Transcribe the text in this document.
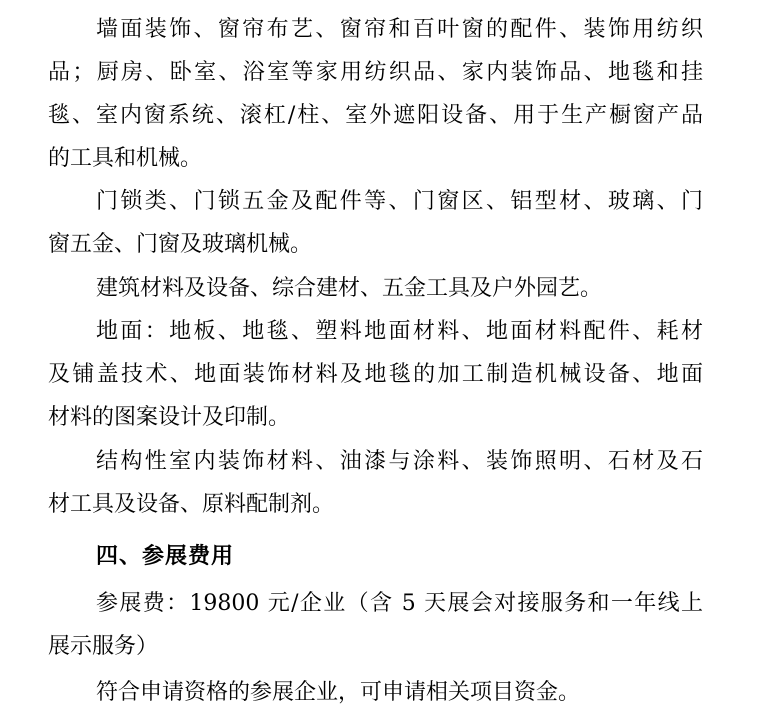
墙面装饰、窗帘布艺、窗帘和百叶窗的配件、装饰用纺织
品；厨房、卧室、浴室等家用纺织品、家内装饰品、地毯和挂
毯、室内窗系统、滚杠/柱、室外遮阳设备、用于生产橱窗产品
的工具和机械。
门锁类、门锁五金及配件等、门窗区、铝型材、玻璃、门
窗五金、门窗及玻璃机械。
建筑材料及设备、综合建材、五金工具及户外园艺。
地面：地板、地毯、塑料地面材料、地面材料配件、耗材
及铺盖技术、地面装饰材料及地毯的加工制造机械设备、地面
材料的图案设计及印制。
结构性室内装饰材料、油漆与涂料、装饰照明、石材及石
材工具及设备、原料配制剂。
四、参展费用
参展费：19800 元/企业（含 5 天展会对接服务和一年线上
展示服务）
符合申请资格的参展企业，可申请相关项目资金。
